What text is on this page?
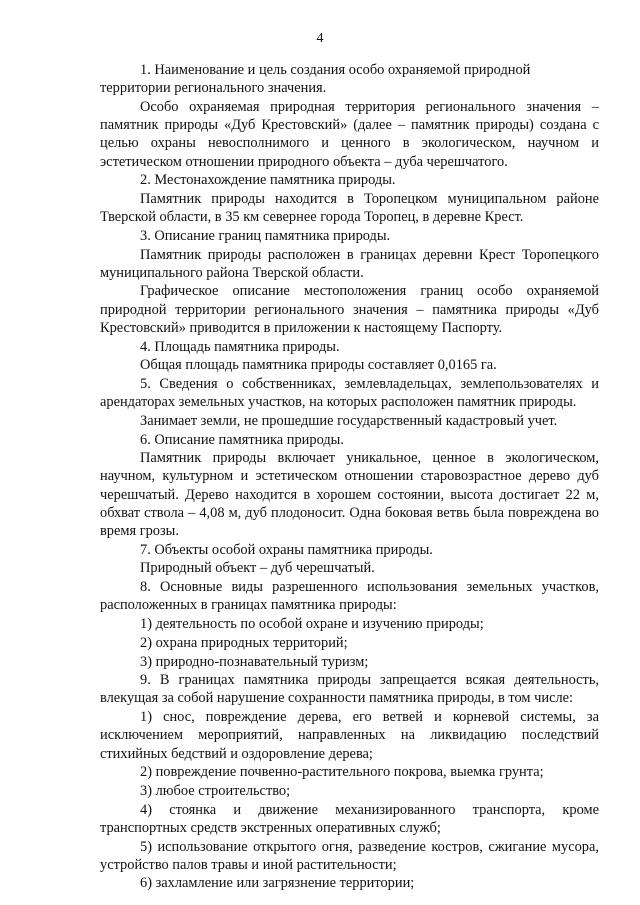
4

1. Наименование и цель создания особо охраняемой природной территории регионального значения.

Особо охраняемая природная территория регионального значения – памятник природы «Дуб Крестовский» (далее – памятник природы) создана с целью охраны невосполнимого и ценного в экологическом, научном и эстетическом отношении природного объекта – дуба черешчатого.

2. Местонахождение памятника природы.

Памятник природы находится в Торопецком муниципальном районе Тверской области, в 35 км севернее города Торопец, в деревне Крест.

3. Описание границ памятника природы.

Памятник природы расположен в границах деревни Крест Торопецкого муниципального района Тверской области.

Графическое описание местоположения границ особо охраняемой природной территории регионального значения – памятника природы «Дуб Крестовский» приводится в приложении к настоящему Паспорту.

4. Площадь памятника природы.

Общая площадь памятника природы составляет 0,0165 га.

5. Сведения о собственниках, землевладельцах, землепользователях и арендаторах земельных участков, на которых расположен памятник природы.

Занимает земли, не прошедшие государственный кадастровый учет.

6. Описание памятника природы.

Памятник природы включает уникальное, ценное в экологическом, научном, культурном и эстетическом отношении старовозрастное дерево дуб черешчатый. Дерево находится в хорошем состоянии, высота достигает 22 м, обхват ствола – 4,08 м, дуб плодоносит. Одна боковая ветвь была повреждена во время грозы.

7. Объекты особой охраны памятника природы.

Природный объект – дуб черешчатый.

8. Основные виды разрешенного использования земельных участков, расположенных в границах памятника природы:

1) деятельность по особой охране и изучению природы;

2) охрана природных территорий;

3) природно-познавательный туризм;

9. В границах памятника природы запрещается всякая деятельность, влекущая за собой нарушение сохранности памятника природы, в том числе:

1) снос, повреждение дерева, его ветвей и корневой системы, за исключением мероприятий, направленных на ликвидацию последствий стихийных бедствий и оздоровление дерева;

2) повреждение почвенно-растительного покрова, выемка грунта;

3) любое строительство;

4) стоянка и движение механизированного транспорта, кроме транспортных средств экстренных оперативных служб;

5) использование открытого огня, разведение костров, сжигание мусора, устройство палов травы и иной растительности;

6) захламление или загрязнение территории;
